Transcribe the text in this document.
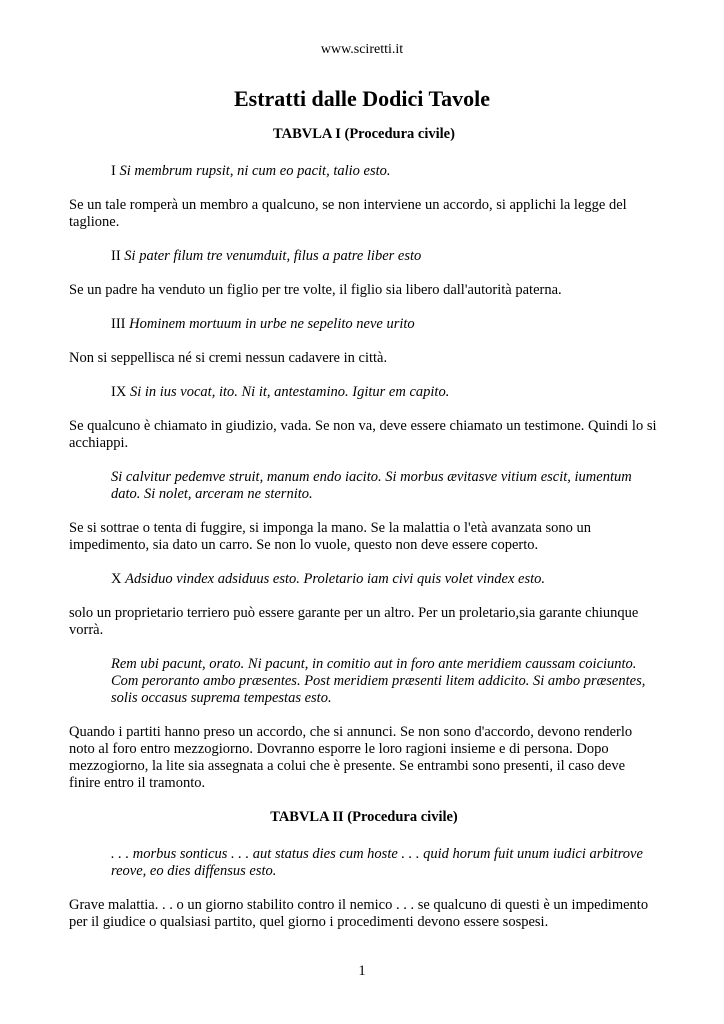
www.sciretti.it
Estratti dalle Dodici Tavole
TABVLA I (Procedura civile)

I Si membrum rupsit, ni cum eo pacit, talio esto.

Se un tale romperà un membro a qualcuno, se non interviene un accordo, si applichi la legge del taglione.

II Si pater filum tre venumduit, filus a patre liber esto

Se un padre ha venduto un figlio per tre volte, il figlio sia libero dall'autorità paterna.

III Hominem mortuum in urbe ne sepelito neve urito

Non si seppellisca né si cremi nessun cadavere in città.

IX Si in ius vocat, ito. Ni it, antestamino. Igitur em capito.

Se qualcuno è chiamato in giudizio, vada. Se non va, deve essere chiamato un testimone. Quindi lo si acchiappi.

Si calvitur pedemve struit, manum endo iacito. Si morbus ævitasve vitium escit, iumentum dato. Si nolet, arceram ne sternito.

Se si sottrae o tenta di fuggire, si imponga la mano. Se la malattia o l'età avanzata sono un impedimento, sia dato un carro. Se non lo vuole, questo non deve essere coperto.

X Adsiduo vindex adsiduus esto. Proletario iam civi quis volet vindex esto.

solo un proprietario terriero può essere garante per un altro. Per un proletario,sia garante chiunque vorrà.

Rem ubi pacunt, orato. Ni pacunt, in comitio aut in foro ante meridiem caussam coiciunto. Com peroranto ambo præsentes. Post meridiem præsenti litem addicito. Si ambo præsentes, solis occasus suprema tempestas esto.

Quando i partiti hanno preso un accordo, che si annunci. Se non sono d'accordo, devono renderlo noto al foro entro mezzogiorno. Dovranno esporre le loro ragioni insieme e di persona. Dopo mezzogiorno, la lite sia assegnata a colui che è presente. Se entrambi sono presenti, il caso deve finire entro il tramonto.

TABVLA II (Procedura civile)

. . . morbus sonticus . . . aut status dies cum hoste . . . quid horum fuit unum iudici arbitrove reove, eo dies diffensus esto.

Grave malattia. . . o un giorno stabilito contro il nemico . . . se qualcuno di questi è un impedimento per il giudice o qualsiasi partito, quel giorno i procedimenti devono essere sospesi.

1
